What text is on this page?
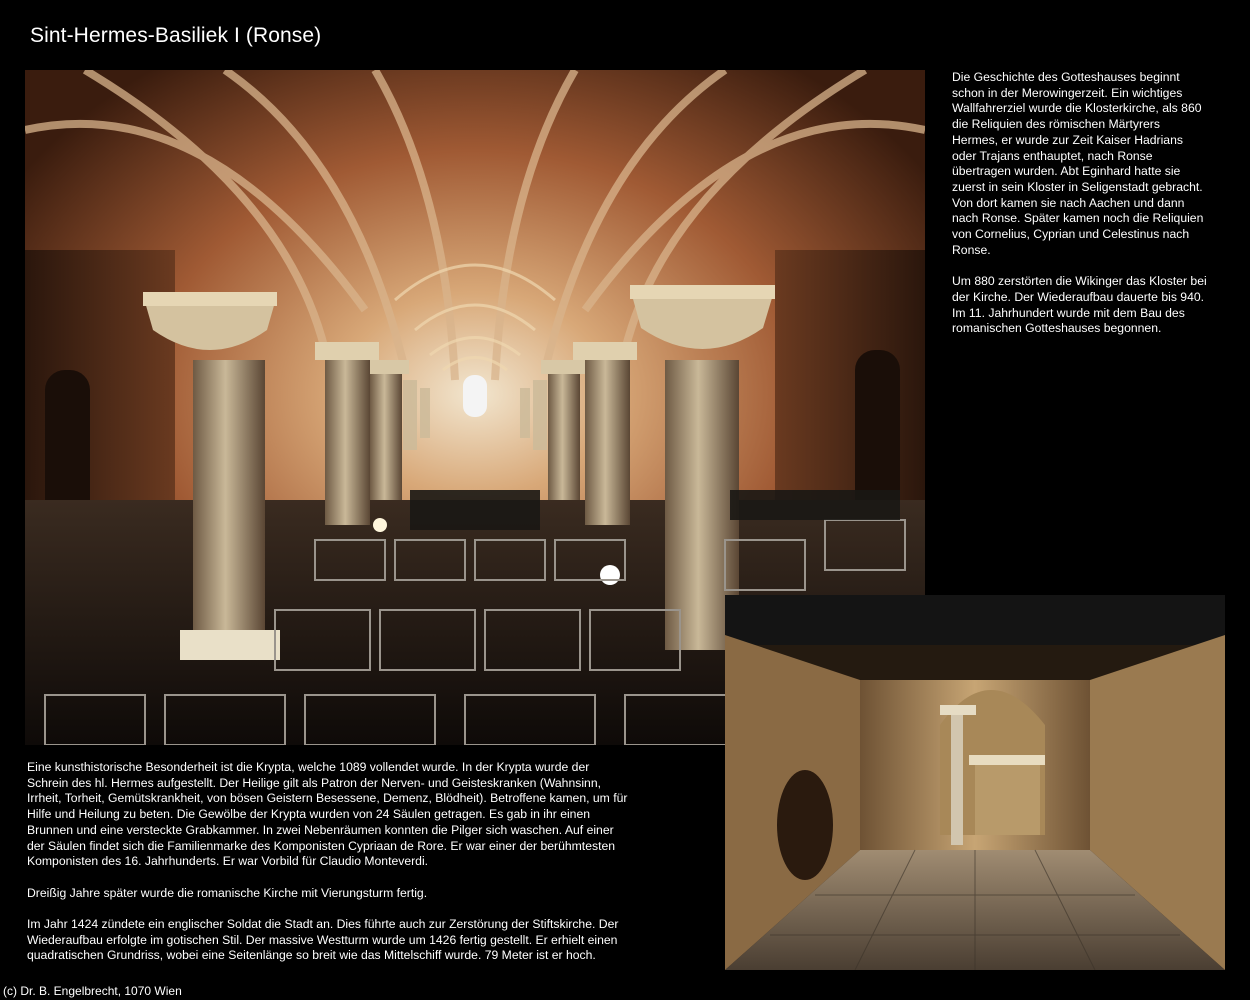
Sint-Hermes-Basiliek I (Ronse)

Die Geschichte des Gotteshauses beginnt schon in der Merowingerzeit. Ein wichtiges Wallfahrerziel wurde die Klosterkirche, als 860 die Reliquien des römischen Märtyrers Hermes, er wurde zur Zeit Kaiser Hadrians oder Trajans enthauptet, nach Ronse übertragen wurden. Abt Eginhard hatte sie zuerst in sein Kloster in Seligenstadt gebracht. Von dort kamen sie nach Aachen und dann nach Ronse. Später kamen noch die Reliquien von Cornelius, Cyprian und Celestinus nach Ronse.

Um 880 zerstörten die Wikinger das Kloster bei der Kirche. Der Wiederaufbau dauerte bis 940. Im 11. Jahrhundert wurde mit dem Bau des romanischen Gotteshauses begonnen.

Eine kunsthistorische Besonderheit ist die Krypta, welche 1089 vollendet wurde. In der Krypta wurde der Schrein des hl. Hermes aufgestellt. Der Heilige gilt als Patron der Nerven- und Geisteskranken (Wahnsinn, Irrheit, Torheit, Gemütskrankheit, von bösen Geistern Besessene, Demenz, Blödheit). Betroffene kamen, um für Hilfe und Heilung zu beten. Die Gewölbe der Krypta wurden von 24 Säulen getragen. Es gab in ihr einen Brunnen und eine versteckte Grabkammer. In zwei Nebenräumen konnten die Pilger sich waschen. Auf einer der Säulen findet sich die Familienmarke des Komponisten Cypriaan de Rore. Er war einer der berühmtesten Komponisten des 16. Jahrhunderts. Er war Vorbild für Claudio Monteverdi.

Dreißig Jahre später wurde die romanische Kirche mit Vierungsturm fertig.

Im Jahr 1424 zündete ein englischer Soldat die Stadt an. Dies führte auch zur Zerstörung der Stiftskirche. Der Wiederaufbau erfolgte im gotischen Stil. Der massive Westturm wurde um 1426 fertig gestellt. Er erhielt einen quadratischen Grundriss, wobei eine Seitenlänge so breit wie das Mittelschiff wurde. 79 Meter ist er hoch.

(c) Dr. B. Engelbrecht, 1070 Wien
